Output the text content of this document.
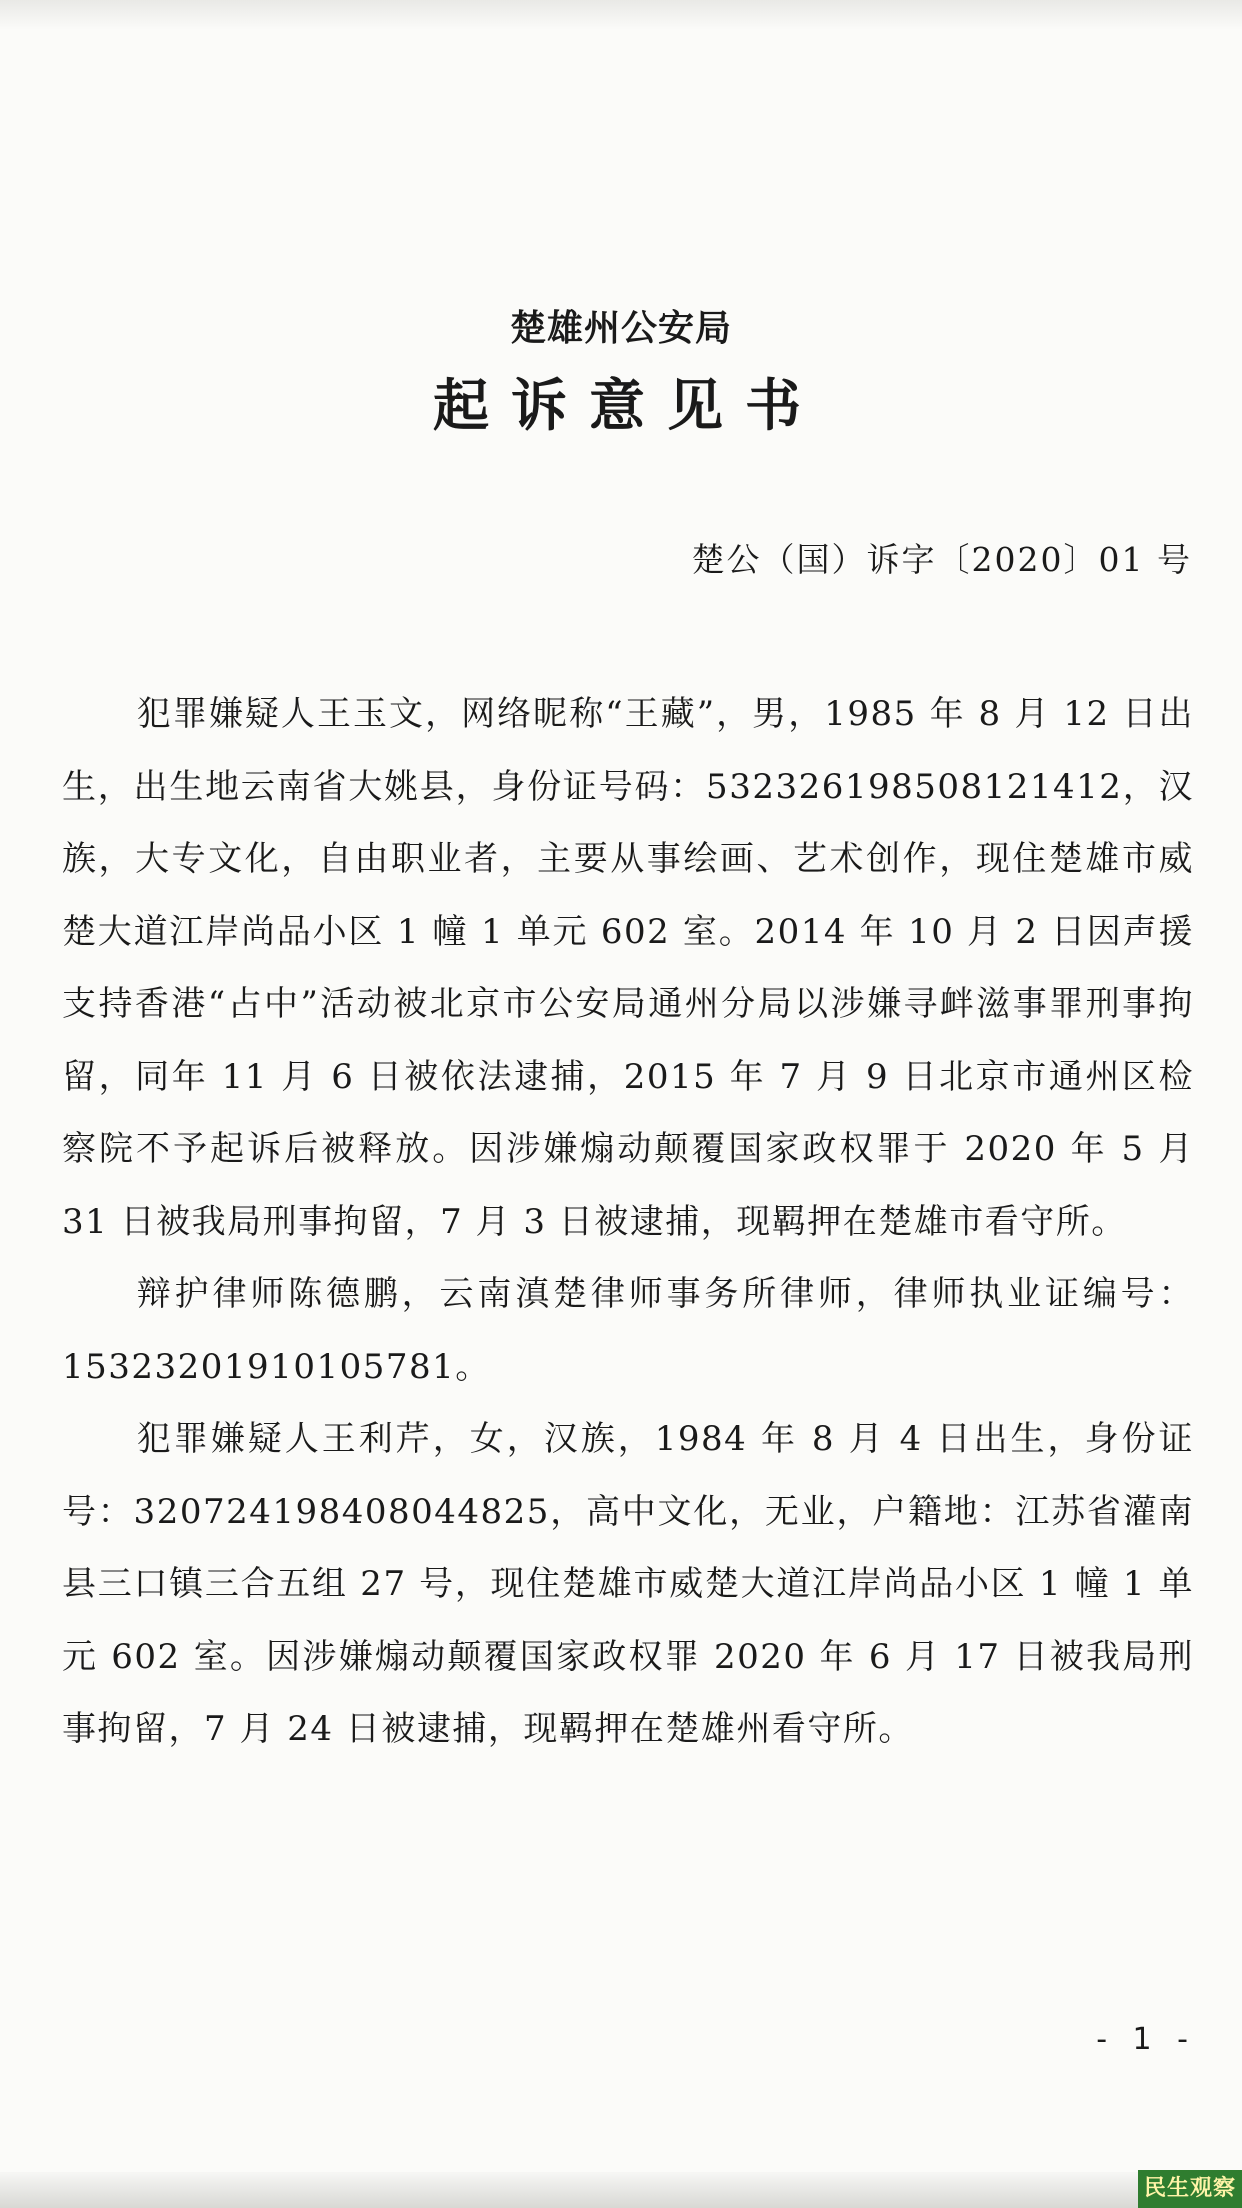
楚雄州公安局
起诉意见书
楚公（国）诉字〔2020〕01 号

犯罪嫌疑人王玉文，网络昵称“王藏”，男，1985 年 8 月 12 日出生，出生地云南省大姚县，身份证号码：532326198508121412，汉族，大专文化，自由职业者，主要从事绘画、艺术创作，现住楚雄市威楚大道江岸尚品小区 1 幢 1 单元 602 室。2014 年 10 月 2 日因声援支持香港“占中”活动被北京市公安局通州分局以涉嫌寻衅滋事罪刑事拘留，同年 11 月 6 日被依法逮捕，2015 年 7 月 9 日北京市通州区检察院不予起诉后被释放。因涉嫌煽动颠覆国家政权罪于 2020 年 5 月 31 日被我局刑事拘留，7 月 3 日被逮捕，现羁押在楚雄市看守所。

辩护律师陈德鹏，云南滇楚律师事务所律师，律师执业证编号：15323201910105781。

犯罪嫌疑人王利芹，女，汉族，1984 年 8 月 4 日出生，身份证号：320724198408044825，高中文化，无业，户籍地：江苏省灌南县三口镇三合五组 27 号，现住楚雄市威楚大道江岸尚品小区 1 幢 1 单元 602 室。因涉嫌煽动颠覆国家政权罪 2020 年 6 月 17 日被我局刑事拘留，7 月 24 日被逮捕，现羁押在楚雄州看守所。

- 1 -
民生观察
